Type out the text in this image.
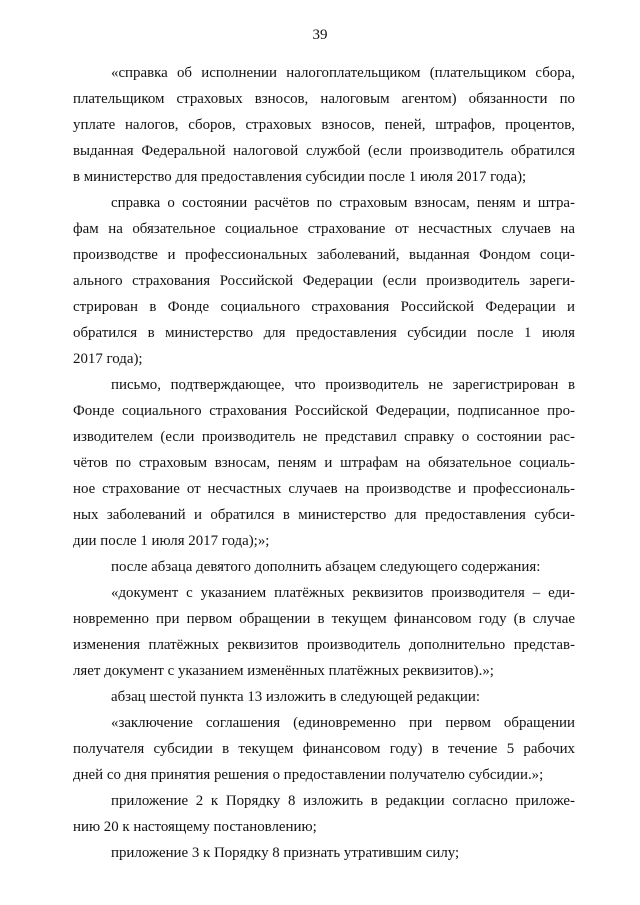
39
«справка об исполнении налогоплательщиком (плательщиком сбора,
плательщиком страховых взносов, налоговым агентом) обязанности по
уплате налогов, сборов, страховых взносов, пеней, штрафов, процентов,
выданная Федеральной налоговой службой (если производитель обратился
в министерство для предоставления субсидии после 1 июля 2017 года);
справка о состоянии расчётов по страховым взносам, пеням и штра-
фам на обязательное социальное страхование от несчастных случаев на
производстве и профессиональных заболеваний, выданная Фондом соци-
ального страхования Российской Федерации (если производитель зареги-
стрирован в Фонде социального страхования Российской Федерации и
обратился в министерство для предоставления субсидии после 1 июля
2017 года);
письмо, подтверждающее, что производитель не зарегистрирован в
Фонде социального страхования Российской Федерации, подписанное про-
изводителем (если производитель не представил справку о состоянии рас-
чётов по страховым взносам, пеням и штрафам на обязательное социаль-
ное страхование от несчастных случаев на производстве и профессиональ-
ных заболеваний и обратился в министерство для предоставления субси-
дии после 1 июля 2017 года);»;
после абзаца девятого дополнить абзацем следующего содержания:
«документ с указанием платёжных реквизитов производителя – еди-
новременно при первом обращении в текущем финансовом году (в случае
изменения платёжных реквизитов производитель дополнительно представ-
ляет документ с указанием изменённых платёжных реквизитов).»;
абзац шестой пункта 13 изложить в следующей редакции:
«заключение соглашения (единовременно при первом обращении
получателя субсидии в текущем финансовом году) в течение 5 рабочих
дней со дня принятия решения о предоставлении получателю субсидии.»;
приложение 2 к Порядку 8 изложить в редакции согласно приложе-
нию 20 к настоящему постановлению;
приложение 3 к Порядку 8 признать утратившим силу;
